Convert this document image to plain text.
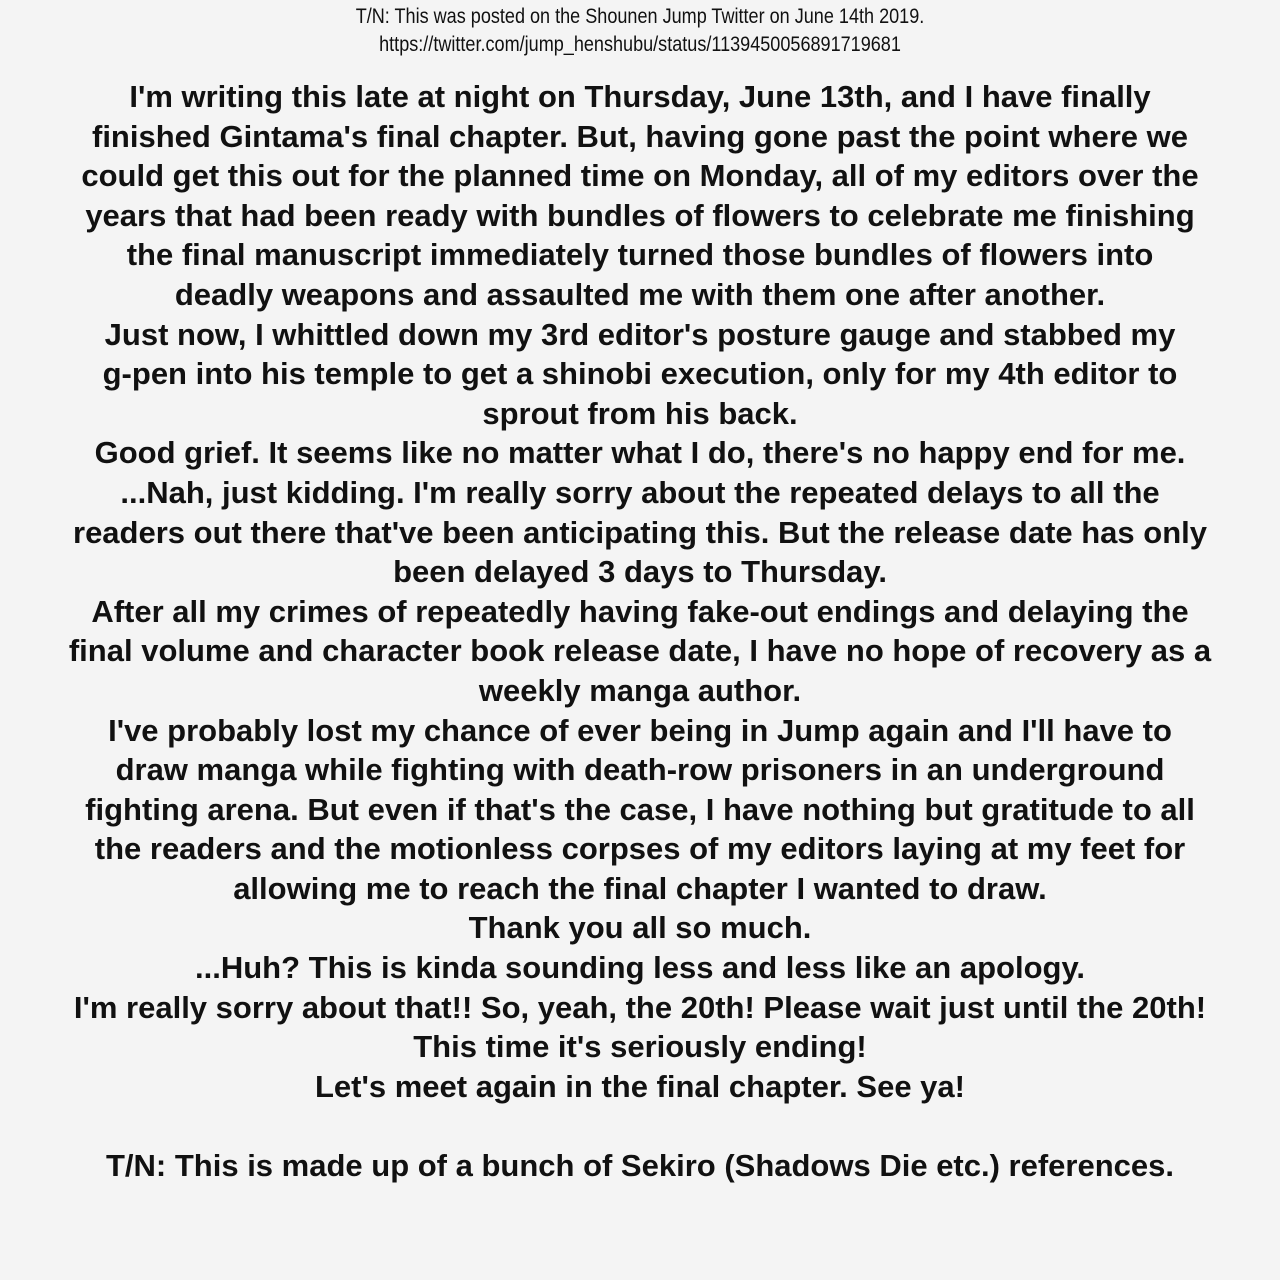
T/N: This was posted on the Shounen Jump Twitter on June 14th 2019.
https://twitter.com/jump_henshubu/status/1139450056891719681
I'm writing this late at night on Thursday, June 13th, and I have finally
finished Gintama's final chapter. But, having gone past the point where we
could get this out for the planned time on Monday, all of my editors over the
years that had been ready with bundles of flowers to celebrate me finishing
the final manuscript immediately turned those bundles of flowers into
deadly weapons and assaulted me with them one after another.
Just now, I whittled down my 3rd editor's posture gauge and stabbed my
g-pen into his temple to get a shinobi execution, only for my 4th editor to
sprout from his back.
Good grief. It seems like no matter what I do, there's no happy end for me.
...Nah, just kidding. I'm really sorry about the repeated delays to all the
readers out there that've been anticipating this. But the release date has only
been delayed 3 days to Thursday.
After all my crimes of repeatedly having fake-out endings and delaying the
final volume and character book release date, I have no hope of recovery as a
weekly manga author.
I've probably lost my chance of ever being in Jump again and I'll have to
draw manga while fighting with death-row prisoners in an underground
fighting arena. But even if that's the case, I have nothing but gratitude to all
the readers and the motionless corpses of my editors laying at my feet for
allowing me to reach the final chapter I wanted to draw.
Thank you all so much.
...Huh? This is kinda sounding less and less like an apology.
I'm really sorry about that!! So, yeah, the 20th! Please wait just until the 20th!
This time it's seriously ending!
Let's meet again in the final chapter. See ya!
T/N: This is made up of a bunch of Sekiro (Shadows Die etc.) references.
